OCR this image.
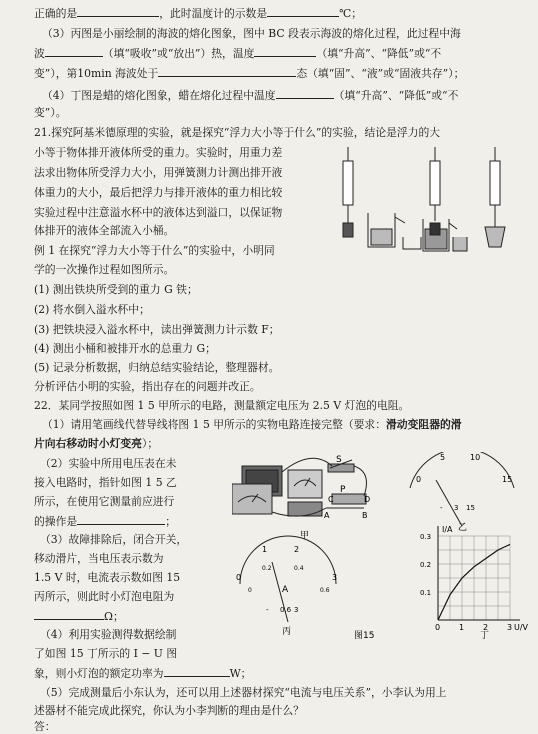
正确的是	，此时温度计的示数是	℃；
（3）丙图是小丽绘制的海波的熔化图象，图中 BC 段表示海波的熔化过程，此过程中海
波	（填“吸收”或“放出”）热，温度	（填“升高”、“降低”或“不
变”），第10min 海波处于	态（填“固”、“液”或“固液共存”）；
（4）丁图是蜡的熔化图象，蜡在熔化过程中温度	（填“升高”、“降低”或“不
变”）。
21.探究阿基米德原理的实验，就是探究“浮力大小等于什么”的实验，结论是浮力的大
小等于物体排开液体所受的重力。实验时，用重力差
法求出物体所受浮力大小，用弹簧测力计测出排开液
体重力的大小，最后把浮力与排开液体的重力相比较
实验过程中注意溢水杯中的液体达到溢口，以保证物
体排开的液体全部流入小桶。
例 1 在探究“浮力大小等于什么”的实验中，小明同
学的一次操作过程如图所示。
(1) 测出铁块所受到的重力 G 铁；
(2) 将水倒入溢水杯中；
(3) 把铁块浸入溢水杯中，读出弹簧测力计示数 F；
(4) 测出小桶和被排开水的总重力 G；
(5) 记录分析数据，归纳总结实验结论，整理器材。
分析评估小明的实验，指出存在的问题并改正。
22．某同学按照如图 1 5 甲所示的电路，测量额定电压为 2.5 V 灯泡的电阻。
（1）请用笔画线代替导线将图 1 5 甲所示的实物电路连接完整（要求：滑动变阻器的滑
片向右移动时小灯变亮）；
（2）实验中所用电压表在未
接入电路时，指针如图 1 5 乙
所示，在使用它测量前应进行
的操作是	；
（3）故障排除后，闭合开关，
移动滑片，当电压表示数为
1.5 V 时，电流表示数如图 15
丙所示，则此时小灯泡电阻为
Ω；
（4）利用实验测得数据绘制
了如图 15 丁所示的 I − U 图
象，则小灯泡的额定功率为	W；
（5）完成测量后小东认为，还可以用上述器材探究“电流与电压关系”，小李认为用上
述器材不能完成此探究，你认为小李判断的理由是什么？
答：
S
P
C	D
A	B
甲
0
5	10
15
- 3 15
乙
0
1	2
3
0
0.2	0.4
0.6
A
- 0.6 3
丙	图15
0 1 2 3
0.1
0.2
0.3
U/V
I/A
丁
